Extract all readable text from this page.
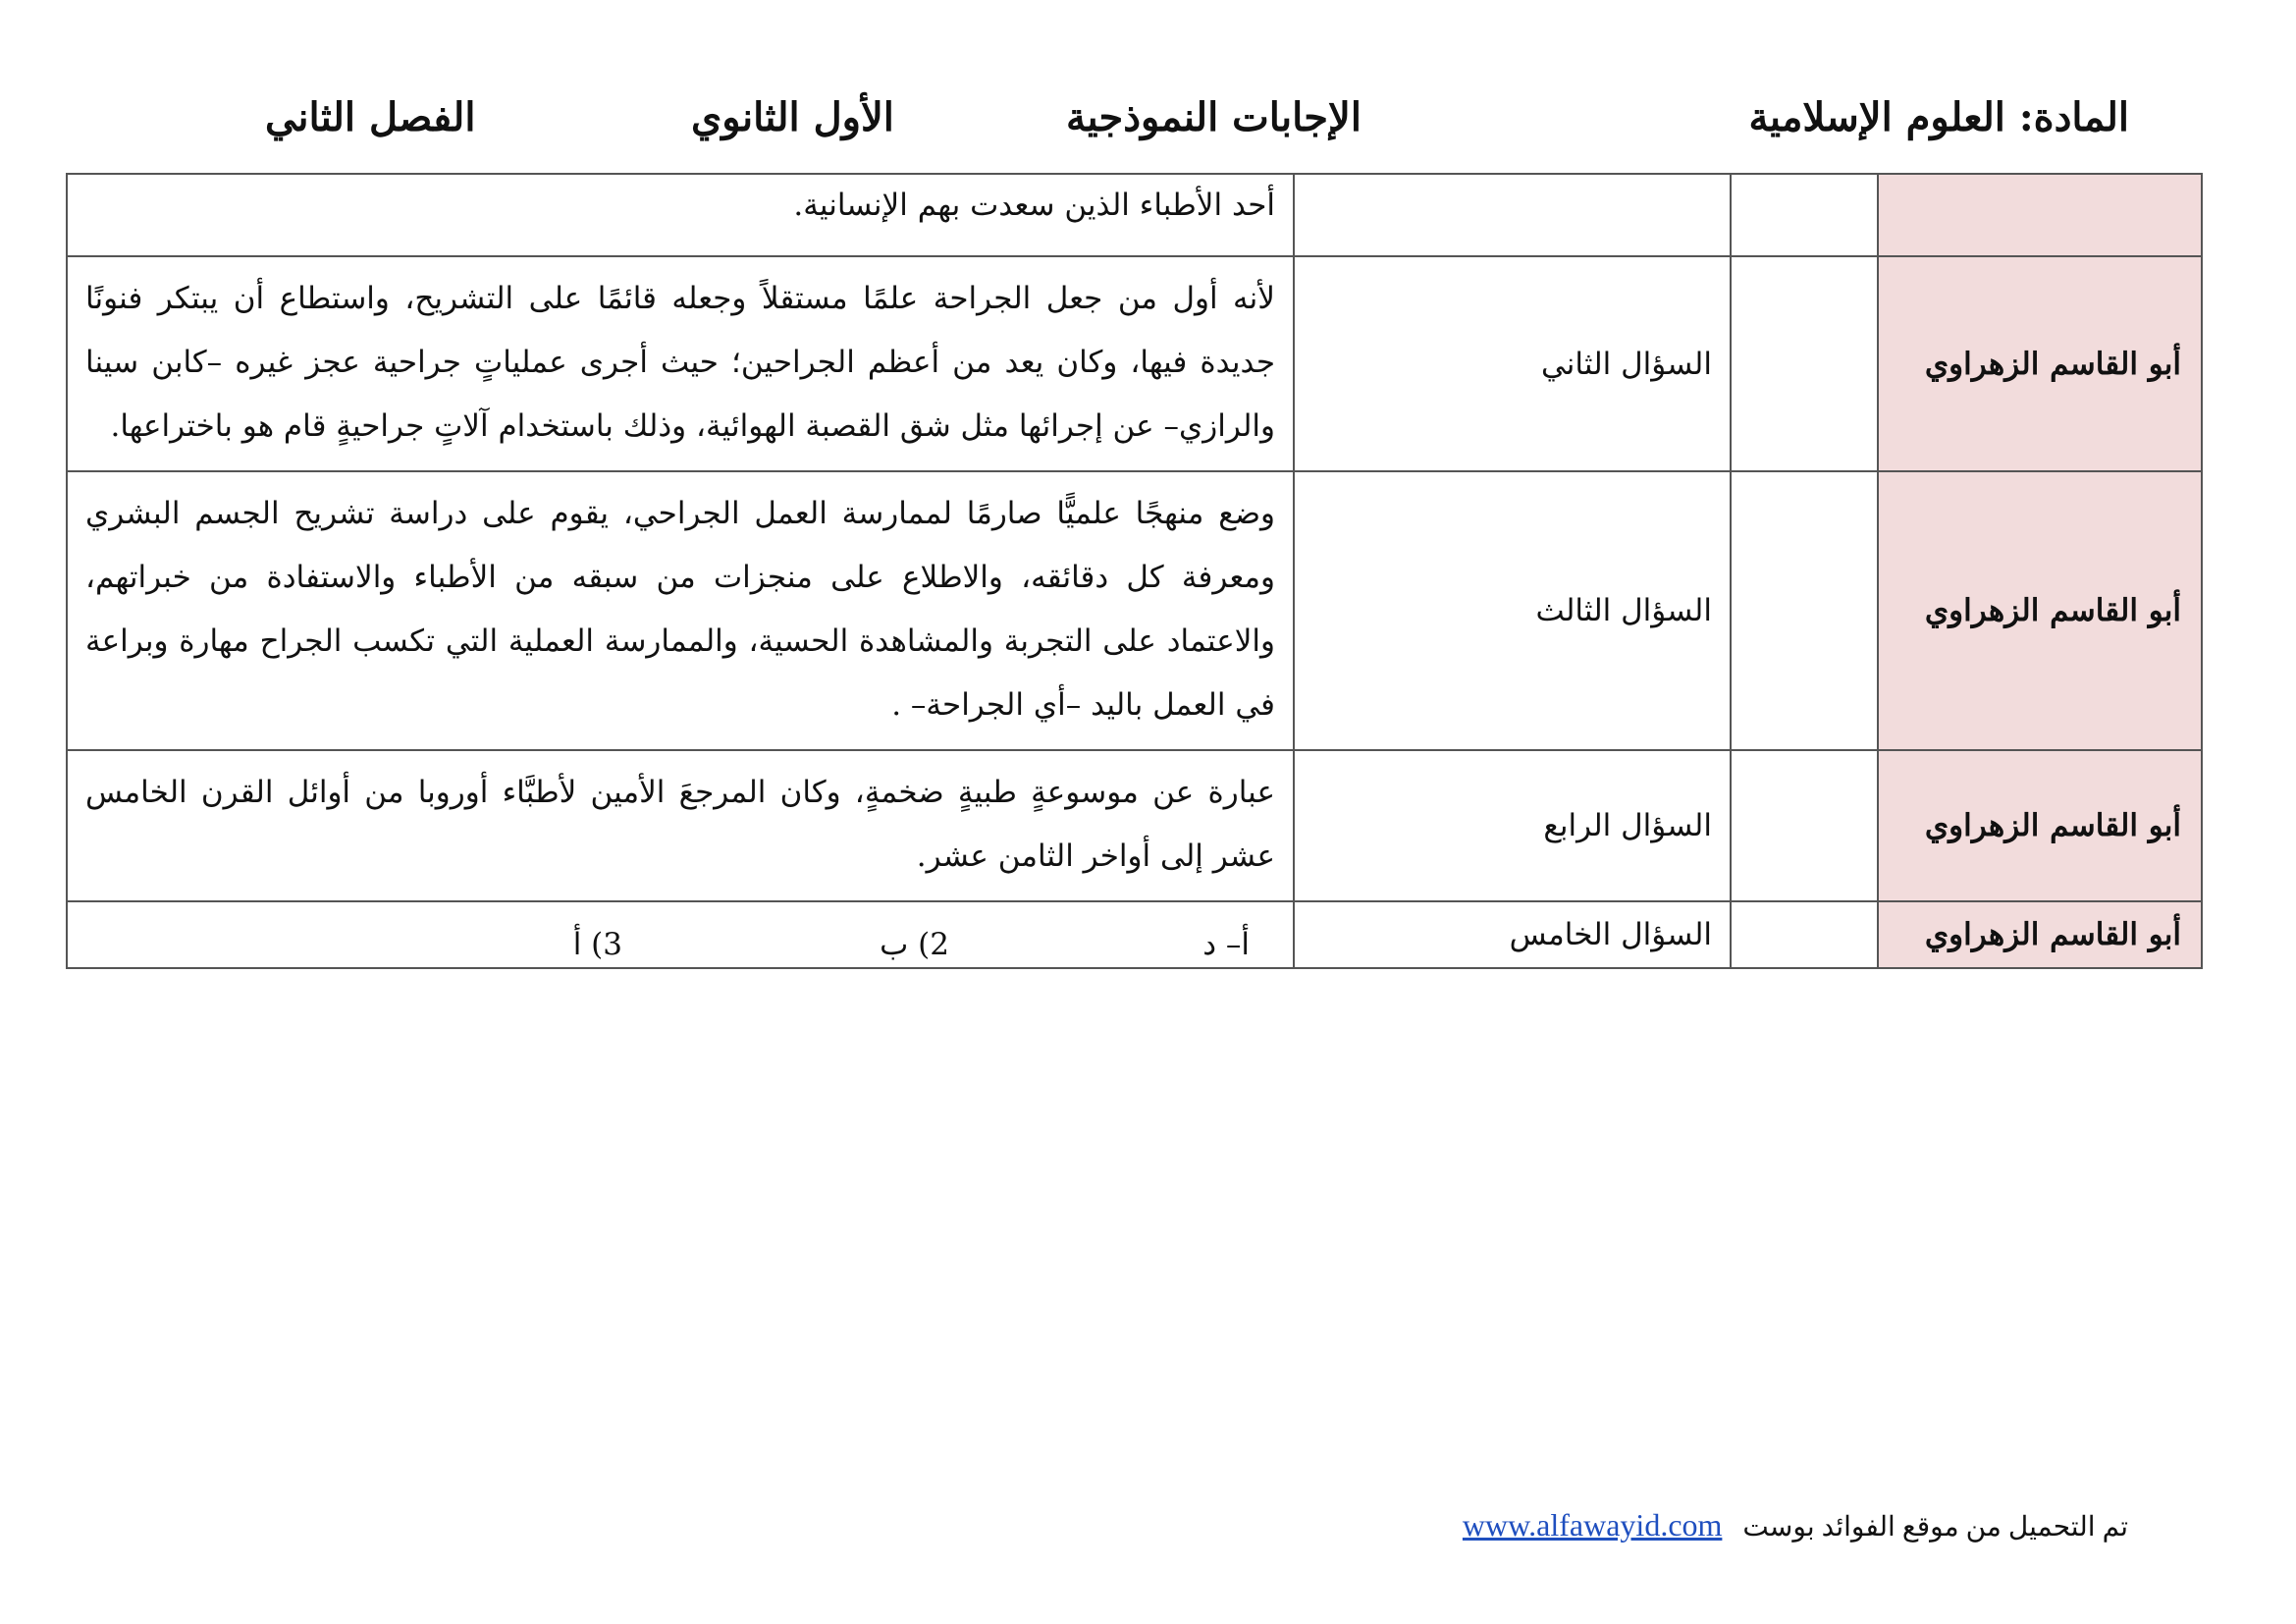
المادة: العلوم الإسلامية
الإجابات النموذجية
الأول الثانوي
الفصل الثاني
			أحد الأطباء الذين سعدت بهم الإنسانية.
أبو القاسم الزهراوي		السؤال الثاني	لأنه أول من جعل الجراحة علمًا مستقلاً وجعله قائمًا على التشريح، واستطاع أن يبتكر فنونًا جديدة فيها، وكان يعد من أعظم الجراحين؛ حيث أجرى عملياتٍ جراحية عجز غيره –كابن سينا والرازي– عن إجرائها مثل شق القصبة الهوائية، وذلك باستخدام آلاتٍ جراحيةٍ قام هو باختراعها.
أبو القاسم الزهراوي		السؤال الثالث	وضع منهجًا علميًّا صارمًا لممارسة العمل الجراحي، يقوم على دراسة تشريح الجسم البشري ومعرفة كل دقائقه، والاطلاع على منجزات من سبقه من الأطباء والاستفادة من خبراتهم، والاعتماد على التجربة والمشاهدة الحسية، والممارسة العملية التي تكسب الجراح مهارة وبراعة في العمل باليد –أي الجراحة– .
أبو القاسم الزهراوي		السؤال الرابع	عبارة عن موسوعةٍ طبيةٍ ضخمةٍ، وكان المرجعَ الأمين لأطبَّاء أوروبا من أوائل القرن الخامس عشر إلى أواخر الثامن عشر.
أبو القاسم الزهراوي		السؤال الخامس	أ– د
2) ب
3) أ
تم التحميل من موقع الفوائد بوست www.alfawayid.com
